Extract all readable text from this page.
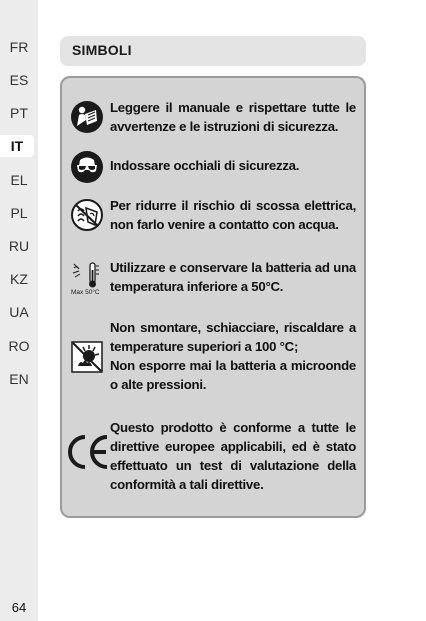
FR
ES
PT
IT
EL
PL
RU
KZ
UA
RO
EN
64
SIMBOLI
Leggere il manuale e rispettare tutte le avvertenze e le istruzioni di sicurezza.
Indossare occhiali di sicurezza.
Per ridurre il rischio di scossa elettrica, non farlo venire a contatto con acqua.
Max 50°C
Utilizzare e conservare la batteria ad una temperatura inferiore a 50°C.
Non smontare, schiacciare, riscaldare a temperature superiori a 100 °C;
Non esporre mai la batteria a microonde o alte pressioni.
Questo prodotto è conforme a tutte le direttive europee applicabili, ed è stato effettuato un test di valutazione della conformità a tali direttive.
